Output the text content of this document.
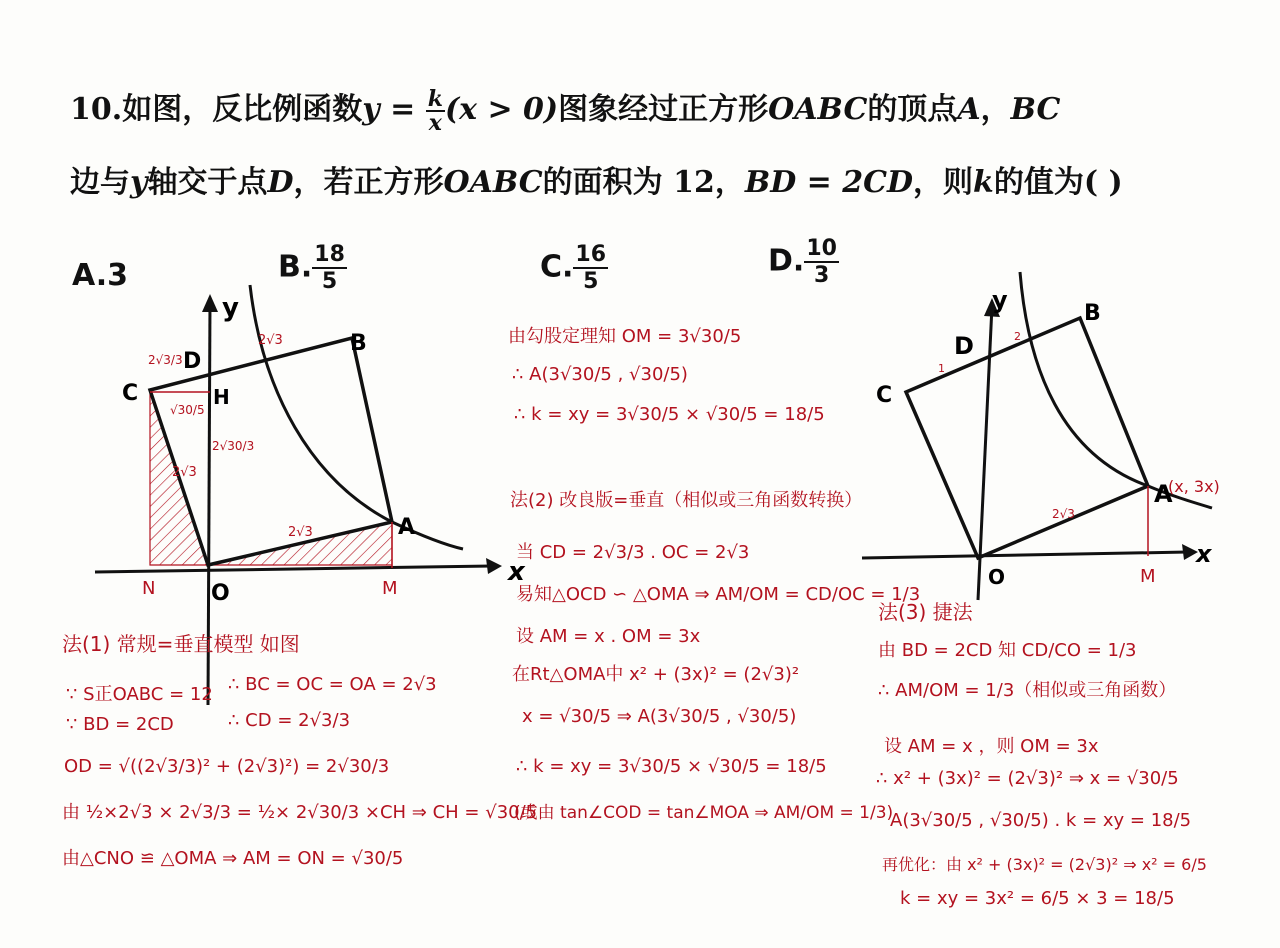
10.如图，反比例函数$y = \frac{k}{x} (x > 0)$图象经过正方形OABC的顶点A，BC
边与y轴交于点D，若正方形OABC的面积为 12，BD = 2CD，则k的值为( )
A.3	B. $\frac{18}{5}$	C. $\frac{16}{5}$	D. $\frac{10}{3}$
y
x
B
C
D
H
O
A
N	M
2√3/3
2√3
√30/5
2√30/3
2√3
2√3
y
x
B
C
D
O
A
M
(x, 3x)
1
2
2√3
法(1) 常规=垂直模型 如图
∵ S正OABC = 12 ∴ BC = OC = OA = 2√3
∵ BD = 2CD	∴ CD = 2√3/3
OD = √((2√3/3)² + (2√3)²) = 2√30/3
由 ½×2√3 × 2√3/3 = ½× 2√30/3 ×CH ⇒ CH = √30/5
由△CNO ≌ △OMA ⇒ AM = ON = √30/5
由勾股定理知 OM = 3√30/5
∴ A(3√30/5 , √30/5)
∴ k = xy = 3√30/5 × √30/5 = 18/5
法(2) 改良版=垂直（相似或三角函数转换）
当 CD = 2√3/3 . OC = 2√3
易知△OCD ∽ △OMA ⇒ AM/OM = CD/OC = 1/3
设 AM = x . OM = 3x
在Rt△OMA中 x² + (3x)² = (2√3)²
x = √30/5 ⇒ A(3√30/5 , √30/5)
∴ k = xy = 3√30/5 × √30/5 = 18/5
(或由 tan∠COD = tan∠MOA ⇒ AM/OM = 1/3)
法(3) 捷法
由 BD = 2CD 知 CD/CO = 1/3
∴ AM/OM = 1/3（相似或三角函数）
设 AM = x ，则 OM = 3x
∴ x² + (3x)² = (2√3)² ⇒ x = √30/5
A(3√30/5 , √30/5) . k = xy = 18/5
再优化：由 x² + (3x)² = (2√3)² ⇒ x² = 6/5
k = xy = 3x² = 6/5 × 3 = 18/5
